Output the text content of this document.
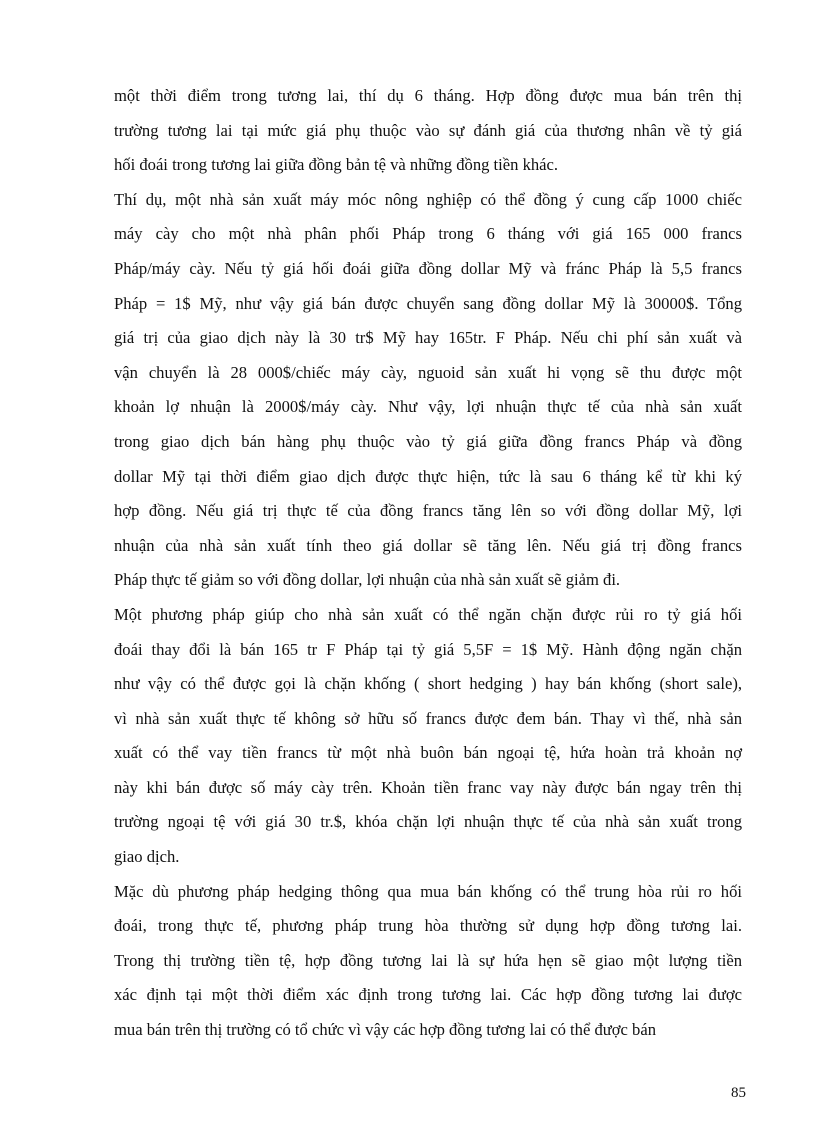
một thời điểm trong tương lai, thí dụ 6 tháng. Hợp đồng được mua bán trên thị

trường tương lai tại mức giá phụ thuộc vào sự đánh giá của thương nhân về tỷ giá

hối đoái trong tương lai giữa đồng bản tệ và những đồng tiền khác.

Thí dụ, một nhà sản xuất máy móc nông nghiệp có thể đồng ý cung cấp 1000 chiếc

máy cày cho một nhà phân phối Pháp trong 6 tháng với giá 165 000 francs

Pháp/máy cày. Nếu tỷ giá hối đoái giữa đồng dollar Mỹ và fránc Pháp là 5,5 francs

Pháp = 1$ Mỹ, như vậy giá bán được chuyển sang đồng dollar Mỹ là 30000$. Tổng

giá trị của giao dịch này là 30 tr$ Mỹ hay 165tr. F Pháp. Nếu chi phí sản xuất và

vận chuyển là 28 000$/chiếc máy cày, nguoid sản xuất hi vọng sẽ thu được một

khoản lợ nhuận là 2000$/máy cày. Như vậy, lợi nhuận thực tế của nhà sản xuất

trong giao dịch bán hàng phụ thuộc vào tỷ giá giữa đồng francs Pháp và đồng

dollar Mỹ tại thời điểm giao dịch được thực hiện, tức là sau 6 tháng kể từ khi ký

hợp đồng. Nếu giá trị thực tế của đồng francs tăng lên so với đồng dollar Mỹ, lợi

nhuận của nhà sản xuất tính theo giá dollar sẽ tăng lên. Nếu giá trị đồng francs

Pháp thực tế giảm so với đồng dollar, lợi nhuận của nhà sản xuất sẽ giảm đi.

Một phương pháp giúp cho nhà sản xuất có thể ngăn chặn được rủi ro tỷ giá hối

đoái thay đổi là bán 165 tr F Pháp tại tỷ giá 5,5F = 1$ Mỹ. Hành động ngăn chặn

như vậy có thể được gọi là chặn khống ( short hedging ) hay bán khống (short sale),

vì nhà sản xuất thực tế không sở hữu số francs được đem bán. Thay vì thế, nhà sản

xuất có thể vay tiền francs từ một nhà buôn bán ngoại tệ, hứa hoàn trả khoản nợ

này khi bán được số máy cày trên. Khoản tiền franc vay này được bán ngay trên thị

trường ngoại tệ với giá 30 tr.$, khóa chặn lợi nhuận thực tế của nhà sản xuất trong

giao dịch.

Mặc dù phương pháp hedging thông qua mua bán khống có thể trung hòa rủi ro hối

đoái, trong thực tế, phương pháp trung hòa thường sử dụng hợp đồng tương lai.

Trong thị trường tiền tệ, hợp đồng tương lai là sự hứa hẹn sẽ giao một lượng tiền

xác định tại một thời điểm xác định trong tương lai. Các hợp đồng tương lai được

mua bán trên thị trường có tổ chức vì vậy các hợp đồng tương lai có thể được bán

85
